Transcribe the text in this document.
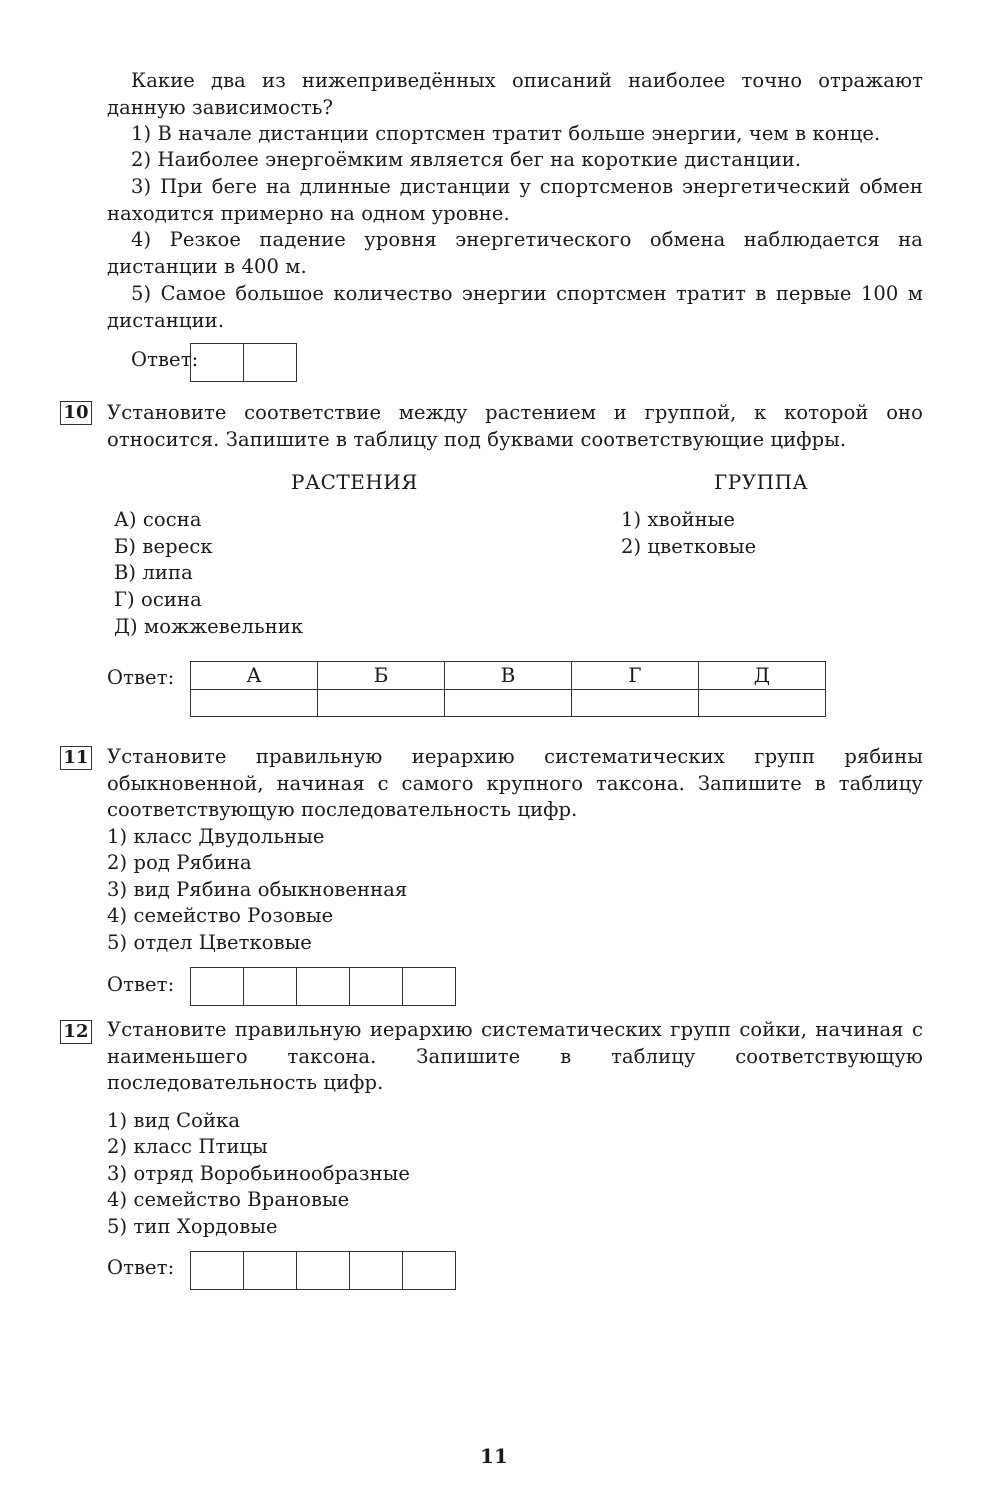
Какие два из нижеприведённых описаний наиболее точно отражают данную зависимость?
1) В начале дистанции спортсмен тратит больше энергии, чем в конце.
2) Наиболее энергоёмким является бег на короткие дистанции.
3) При беге на длинные дистанции у спортсменов энергетический обмен находится примерно на одном уровне.
4) Резкое падение уровня энергетического обмена наблюдается на дистанции в 400 м.
5) Самое большое количество энергии спортсмен тратит в первые 100 м дистанции.
Ответ:
10 Установите соответствие между растением и группой, к которой оно относится. Запишите в таблицу под буквами соответствующие цифры.
РАСТЕНИЯ	ГРУППА
А) сосна
Б) вереск
В) липа
Г) осина
Д) можжевельник
1) хвойные
2) цветковые
Ответ:	А	Б	В	Г	Д

11 Установите правильную иерархию систематических групп рябины обыкновенной, начиная с самого крупного таксона. Запишите в таблицу соответствующую последовательность цифр.
1) класс Двудольные
2) род Рябина
3) вид Рябина обыкновенная
4) семейство Розовые
5) отдел Цветковые
Ответ:
12 Установите правильную иерархию систематических групп сойки, начиная с наименьшего таксона. Запишите в таблицу соответствующую последовательность цифр.
1) вид Сойка
2) класс Птицы
3) отряд Воробьинообразные
4) семейство Врановые
5) тип Хордовые
Ответ:
11
